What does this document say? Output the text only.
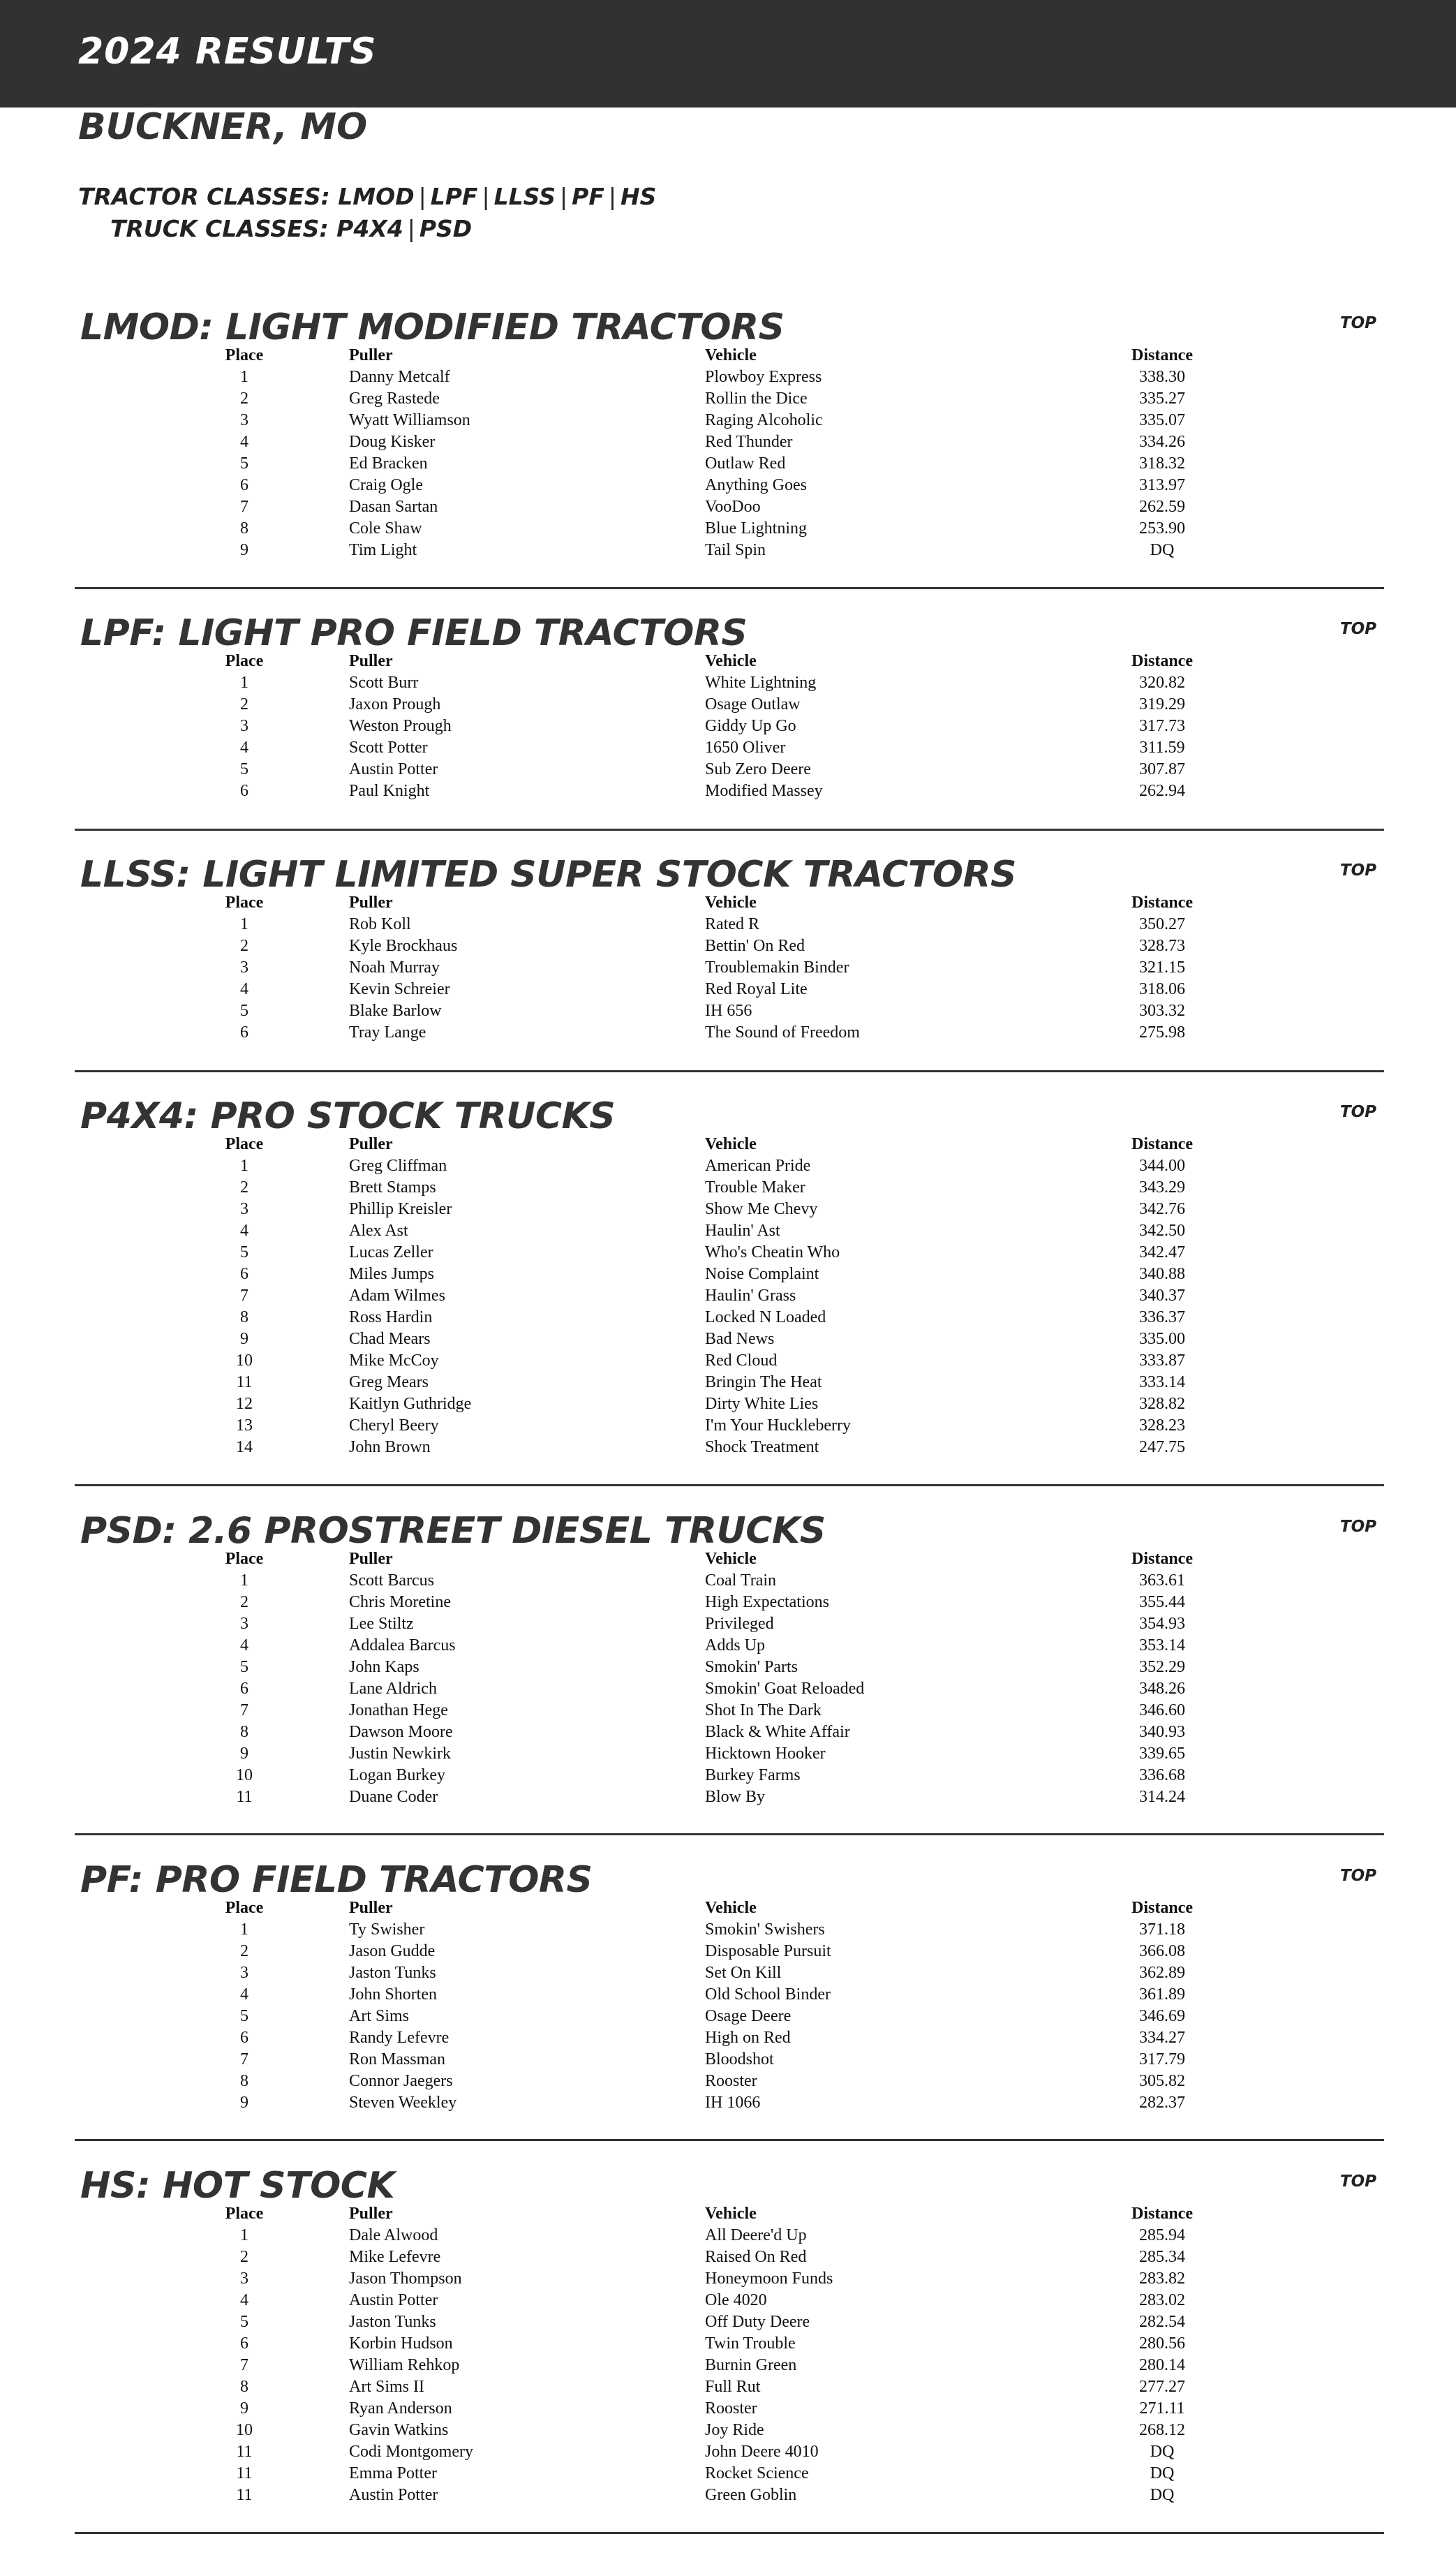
2024 RESULTS
BUCKNER, MO
TRACTOR CLASSES: LMOD | LPF | LLSS | PF | HS
TRUCK CLASSES: P4X4 | PSD
LMOD: LIGHT MODIFIED TRACTORS	TOP
Place	Puller	Vehicle	Distance
1	Danny Metcalf	Plowboy Express	338.30
2	Greg Rastede	Rollin the Dice	335.27
3	Wyatt Williamson	Raging Alcoholic	335.07
4	Doug Kisker	Red Thunder	334.26
5	Ed Bracken	Outlaw Red	318.32
6	Craig Ogle	Anything Goes	313.97
7	Dasan Sartan	VooDoo	262.59
8	Cole Shaw	Blue Lightning	253.90
9	Tim Light	Tail Spin	DQ
LPF: LIGHT PRO FIELD TRACTORS	TOP
Place	Puller	Vehicle	Distance
1	Scott Burr	White Lightning	320.82
2	Jaxon Prough	Osage Outlaw	319.29
3	Weston Prough	Giddy Up Go	317.73
4	Scott Potter	1650 Oliver	311.59
5	Austin Potter	Sub Zero Deere	307.87
6	Paul Knight	Modified Massey	262.94
LLSS: LIGHT LIMITED SUPER STOCK TRACTORS	TOP
Place	Puller	Vehicle	Distance
1	Rob Koll	Rated R	350.27
2	Kyle Brockhaus	Bettin' On Red	328.73
3	Noah Murray	Troublemakin Binder	321.15
4	Kevin Schreier	Red Royal Lite	318.06
5	Blake Barlow	IH 656	303.32
6	Tray Lange	The Sound of Freedom	275.98
P4X4: PRO STOCK TRUCKS	TOP
Place	Puller	Vehicle	Distance
1	Greg Cliffman	American Pride	344.00
2	Brett Stamps	Trouble Maker	343.29
3	Phillip Kreisler	Show Me Chevy	342.76
4	Alex Ast	Haulin' Ast	342.50
5	Lucas Zeller	Who's Cheatin Who	342.47
6	Miles Jumps	Noise Complaint	340.88
7	Adam Wilmes	Haulin' Grass	340.37
8	Ross Hardin	Locked N Loaded	336.37
9	Chad Mears	Bad News	335.00
10	Mike McCoy	Red Cloud	333.87
11	Greg Mears	Bringin The Heat	333.14
12	Kaitlyn Guthridge	Dirty White Lies	328.82
13	Cheryl Beery	I'm Your Huckleberry	328.23
14	John Brown	Shock Treatment	247.75
PSD: 2.6 PROSTREET DIESEL TRUCKS	TOP
Place	Puller	Vehicle	Distance
1	Scott Barcus	Coal Train	363.61
2	Chris Moretine	High Expectations	355.44
3	Lee Stiltz	Privileged	354.93
4	Addalea Barcus	Adds Up	353.14
5	John Kaps	Smokin' Parts	352.29
6	Lane Aldrich	Smokin' Goat Reloaded	348.26
7	Jonathan Hege	Shot In The Dark	346.60
8	Dawson Moore	Black & White Affair	340.93
9	Justin Newkirk	Hicktown Hooker	339.65
10	Logan Burkey	Burkey Farms	336.68
11	Duane Coder	Blow By	314.24
PF: PRO FIELD TRACTORS	TOP
Place	Puller	Vehicle	Distance
1	Ty Swisher	Smokin' Swishers	371.18
2	Jason Gudde	Disposable Pursuit	366.08
3	Jaston Tunks	Set On Kill	362.89
4	John Shorten	Old School Binder	361.89
5	Art Sims	Osage Deere	346.69
6	Randy Lefevre	High on Red	334.27
7	Ron Massman	Bloodshot	317.79
8	Connor Jaegers	Rooster	305.82
9	Steven Weekley	IH 1066	282.37
HS: HOT STOCK	TOP
Place	Puller	Vehicle	Distance
1	Dale Alwood	All Deere'd Up	285.94
2	Mike Lefevre	Raised On Red	285.34
3	Jason Thompson	Honeymoon Funds	283.82
4	Austin Potter	Ole 4020	283.02
5	Jaston Tunks	Off Duty Deere	282.54
6	Korbin Hudson	Twin Trouble	280.56
7	William Rehkop	Burnin Green	280.14
8	Art Sims II	Full Rut	277.27
9	Ryan Anderson	Rooster	271.11
10	Gavin Watkins	Joy Ride	268.12
11	Codi Montgomery	John Deere 4010	DQ
11	Emma Potter	Rocket Science	DQ
11	Austin Potter	Green Goblin	DQ
